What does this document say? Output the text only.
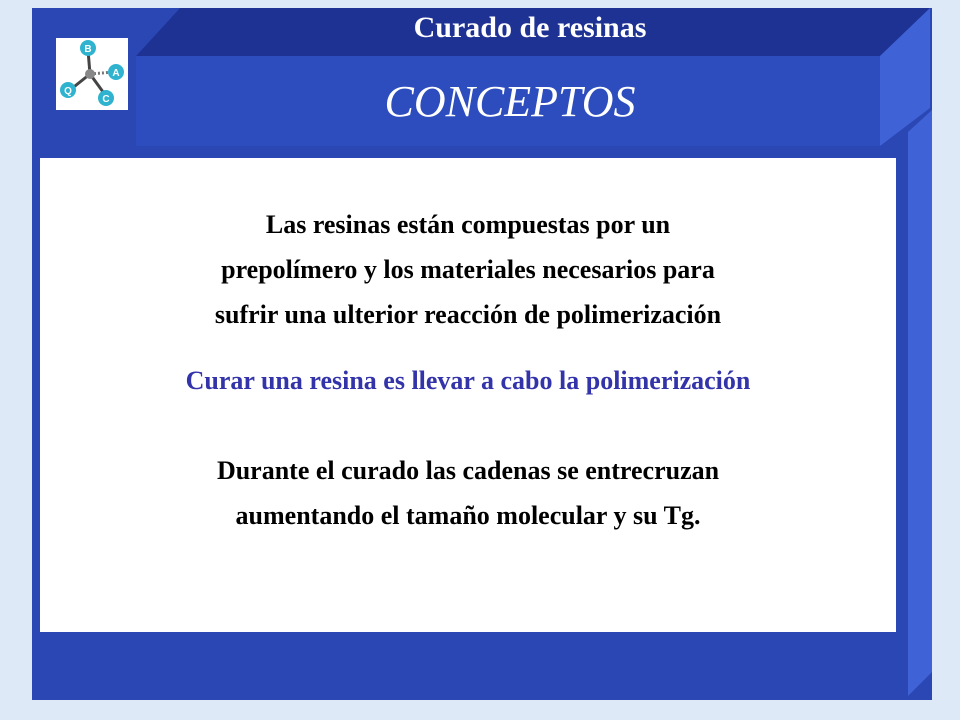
B
A
C
Q
Curado de resinas
CONCEPTOS
Las resinas están compuestas por un
prepolímero y los materiales necesarios para
sufrir una ulterior reacción de polimerización
Curar una resina es llevar a cabo la polimerización
Durante el curado las cadenas se entrecruzan
aumentando el tamaño molecular y su Tg.
